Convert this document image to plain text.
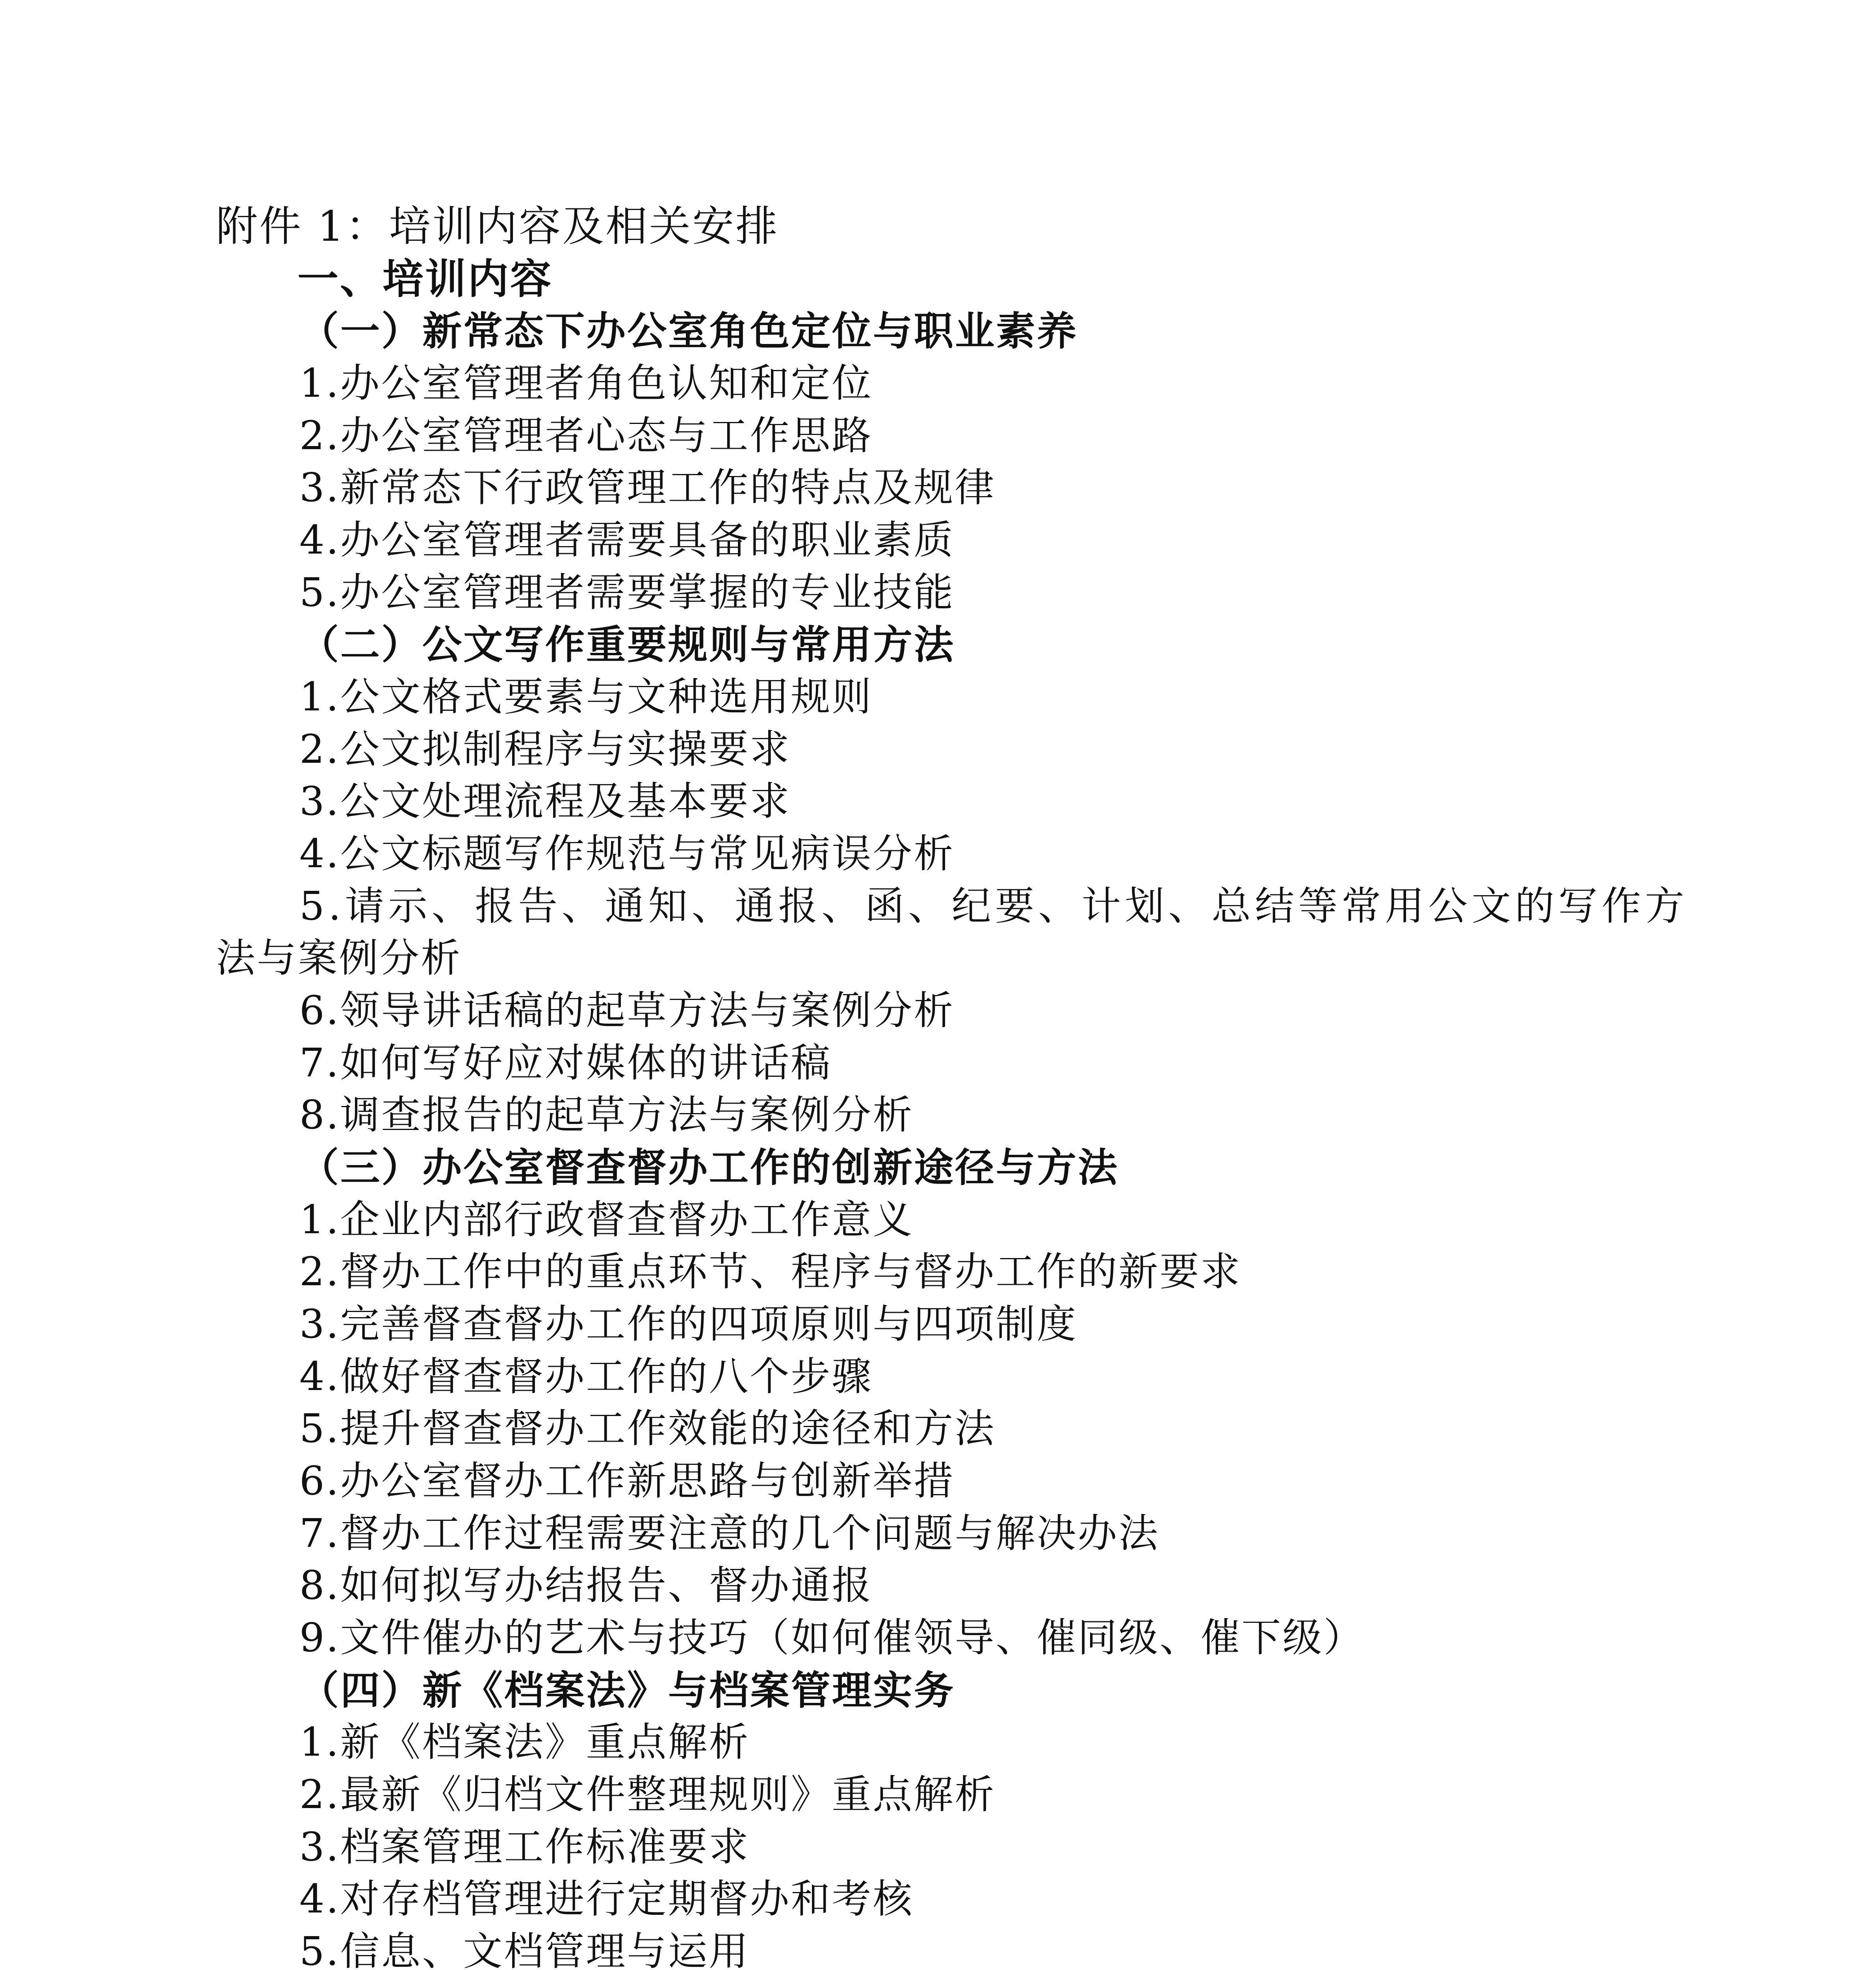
附件 1：培训内容及相关安排
一、培训内容
（一）新常态下办公室角色定位与职业素养
1.办公室管理者角色认知和定位
2.办公室管理者心态与工作思路
3.新常态下行政管理工作的特点及规律
4.办公室管理者需要具备的职业素质
5.办公室管理者需要掌握的专业技能
（二）公文写作重要规则与常用方法
1.公文格式要素与文种选用规则
2.公文拟制程序与实操要求
3.公文处理流程及基本要求
4.公文标题写作规范与常见病误分析
5.请示、报告、通知、通报、函、纪要、计划、总结等常用公文的写作方
法与案例分析
6.领导讲话稿的起草方法与案例分析
7.如何写好应对媒体的讲话稿
8.调查报告的起草方法与案例分析
（三）办公室督查督办工作的创新途径与方法
1.企业内部行政督查督办工作意义
2.督办工作中的重点环节、程序与督办工作的新要求
3.完善督查督办工作的四项原则与四项制度
4.做好督查督办工作的八个步骤
5.提升督查督办工作效能的途径和方法
6.办公室督办工作新思路与创新举措
7.督办工作过程需要注意的几个问题与解决办法
8.如何拟写办结报告、督办通报
9.文件催办的艺术与技巧（如何催领导、催同级、催下级）
（四）新《档案法》与档案管理实务
1.新《档案法》重点解析
2.最新《归档文件整理规则》重点解析
3.档案管理工作标准要求
4.对存档管理进行定期督办和考核
5.信息、文档管理与运用
